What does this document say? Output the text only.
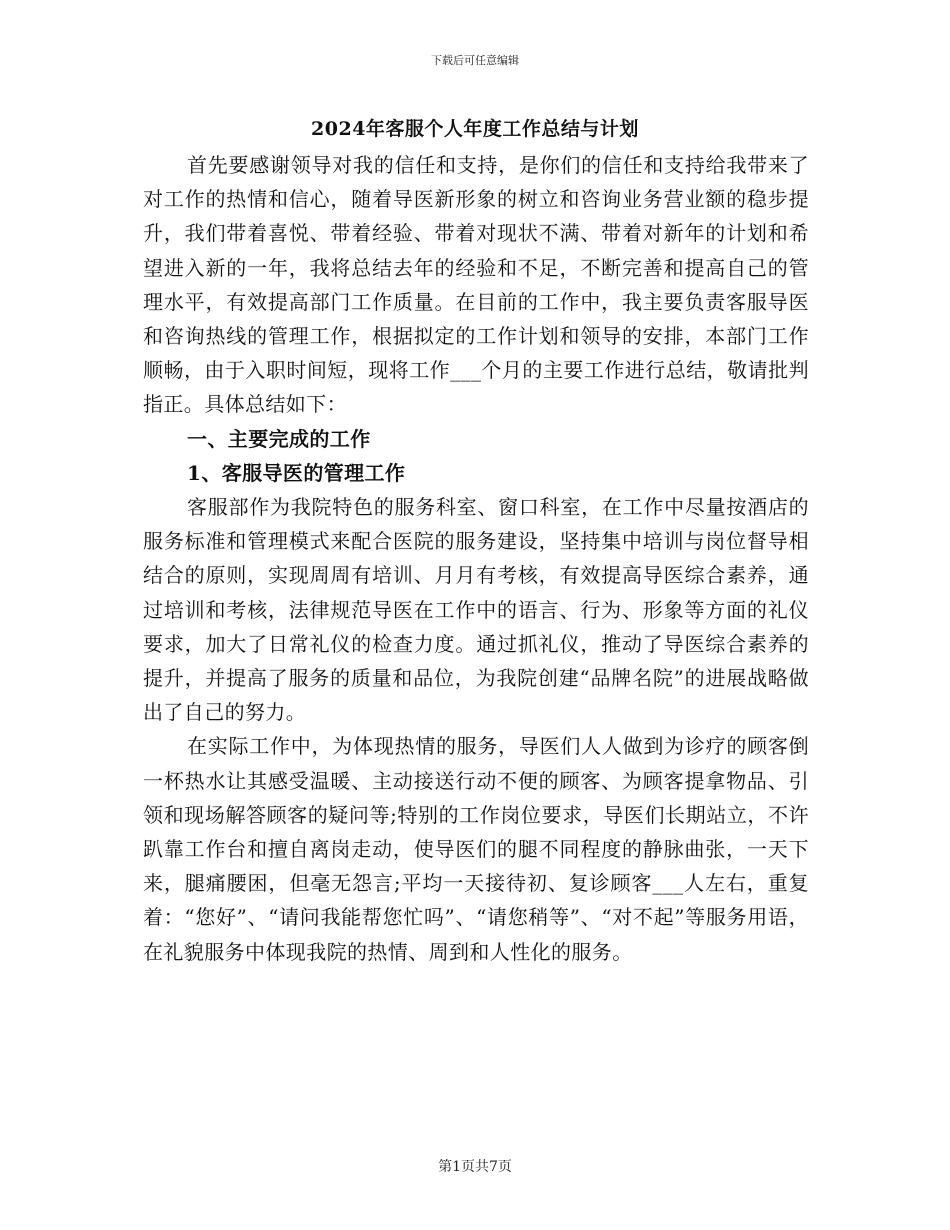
下载后可任意编辑
2024年客服个人年度工作总结与计划

首先要感谢领导对我的信任和支持，是你们的信任和支持给我带来了对工作的热情和信心，随着导医新形象的树立和咨询业务营业额的稳步提升，我们带着喜悦、带着经验、带着对现状不满、带着对新年的计划和希望进入新的一年，我将总结去年的经验和不足，不断完善和提高自己的管理水平，有效提高部门工作质量。在目前的工作中，我主要负责客服导医和咨询热线的管理工作，根据拟定的工作计划和领导的安排，本部门工作顺畅，由于入职时间短，现将工作___个月的主要工作进行总结，敬请批判指正。具体总结如下：

一、主要完成的工作

1、客服导医的管理工作

客服部作为我院特色的服务科室、窗口科室，在工作中尽量按酒店的服务标准和管理模式来配合医院的服务建设，坚持集中培训与岗位督导相结合的原则，实现周周有培训、月月有考核，有效提高导医综合素养，通过培训和考核，法律规范导医在工作中的语言、行为、形象等方面的礼仪要求，加大了日常礼仪的检查力度。通过抓礼仪，推动了导医综合素养的提升，并提高了服务的质量和品位，为我院创建“品牌名院”的进展战略做出了自己的努力。

在实际工作中，为体现热情的服务，导医们人人做到为诊疗的顾客倒一杯热水让其感受温暖、主动接送行动不便的顾客、为顾客提拿物品、引领和现场解答顾客的疑问等;特别的工作岗位要求，导医们长期站立，不许趴靠工作台和擅自离岗走动，使导医们的腿不同程度的静脉曲张，一天下来，腿痛腰困，但毫无怨言;平均一天接待初、复诊顾客___人左右，重复着：“您好”、“请问我能帮您忙吗”、“请您稍等”、“对不起”等服务用语，在礼貌服务中体现我院的热情、周到和人性化的服务。

第1页共7页
